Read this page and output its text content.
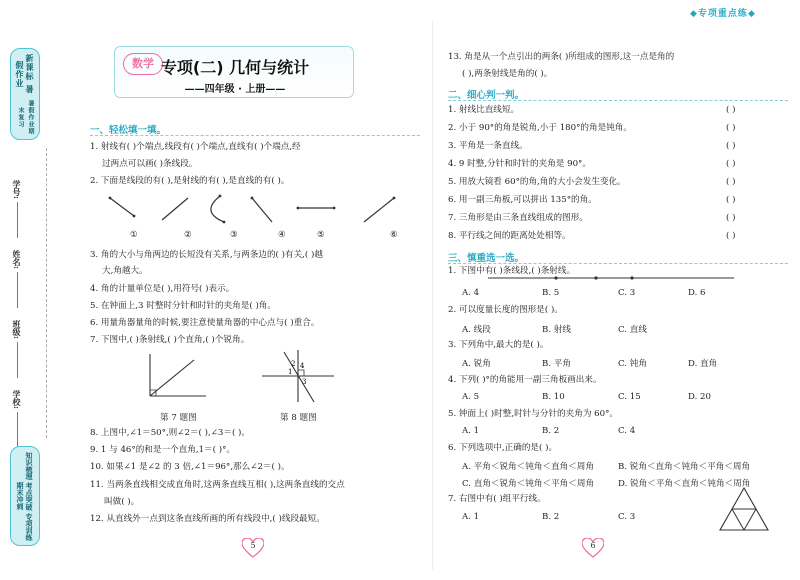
新课标 暑假作业
暑假作业期末复习
学号:
姓名:
班级:
学校:
知识梳理 考点突破 专项训练 期末冲刺
◆专项重点练◆
数学 专项(二) 几何与统计
——四年级 · 上册——
一、轻松填一填。
1. 射线有( )个端点,线段有( )个端点,直线有( )个端点,经
过两点可以画( )条线段。
2. 下面是线段的有( ),是射线的有( ),是直线的有( )。
①	②	③	④	⑤	⑥
3. 角的大小与角两边的长短没有关系,与两条边的( )有关,( )越
大,角越大。
4. 角的计量单位是( ),用符号( )表示。
5. 在钟面上,3 时整时分针和时针的夹角是( )角。
6. 用量角器量角的时候,要注意使量角器的中心点与( )重合。
7. 下图中,( )条射线,( )个直角,( )个锐角。
1
2
3
4
第 7 题图	第 8 题图
8. 上图中,∠1＝50°,则∠2＝( ),∠3＝( )。
9. 1 与 46°的和是一个直角,1＝( )°。
10. 如果∠1 是∠2 的 3 倍,∠1＝96°,那么∠2＝( )。
11. 当两条直线相交成直角时,这两条直线互相( ),这两条直线的交点
叫做( )。
12. 从直线外一点到这条直线所画的所有线段中,( )线段最短。
5
13. 角是从一个点引出的两条( )所组成的图形,这一点是角的
( ),两条射线是角的( )。
二、细心判一判。
1. 射线比直线短。	( )
2. 小于 90°的角是锐角,小于 180°的角是钝角。	( )
3. 平角是一条直线。	( )
4. 9 时整,分针和时针的夹角是 90°。	( )
5. 用放大镜看 60°的角,角的大小会发生变化。	( )
6. 用一副三角板,可以拼出 135°的角。	( )
7. 三角形是由三条直线组成的图形。	( )
8. 平行线之间的距离处处相等。	( )
三、慎重选一选。
1. 下图中有( )条线段,( )条射线。
A. 4	B. 5	C. 3	D. 6
2. 可以度量长度的图形是( )。
A. 线段	B. 射线	C. 直线
3. 下列角中,最大的是( )。
A. 锐角	B. 平角	C. 钝角	D. 直角
4. 下列( )°的角能用一副三角板画出来。
A. 5	B. 10	C. 15	D. 20
5. 钟面上( )时整,时针与分针的夹角为 60°。
A. 1	B. 2	C. 4
6. 下列选项中,正确的是( )。
A. 平角＜锐角＜钝角＜直角＜周角	B. 锐角＜直角＜钝角＜平角＜周角
C. 直角＜锐角＜钝角＜平角＜周角	D. 锐角＜平角＜直角＜钝角＜周角
7. 右图中有( )组平行线。
A. 1	B. 2	C. 3
6
